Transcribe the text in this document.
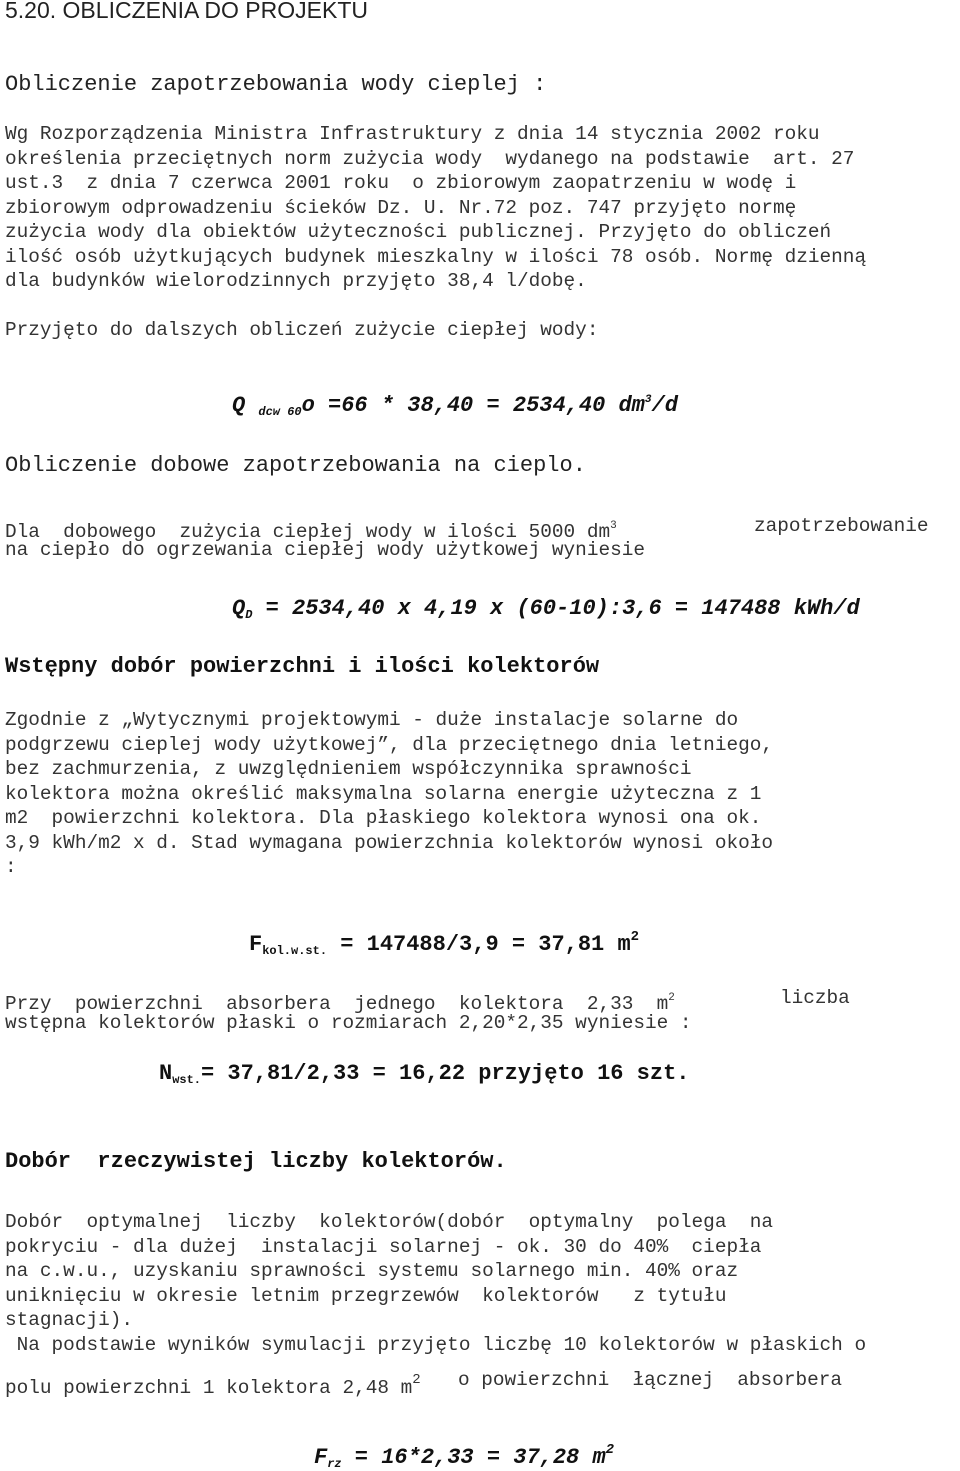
5.20. OBLICZENIA DO PROJEKTU
Obliczenie zapotrzebowania wody cieplej :
Wg Rozporządzenia Ministra Infrastruktury z dnia 14 stycznia 2002 roku
określenia przeciętnych norm zużycia wody  wydanego na podstawie  art. 27
ust.3  z dnia 7 czerwca 2001 roku  o zbiorowym zaopatrzeniu w wodę i
zbiorowym odprowadzeniu ścieków Dz. U. Nr.72 poz. 747 przyjęto normę
zużycia wody dla obiektów użyteczności publicznej. Przyjęto do obliczeń
ilość osób użytkujących budynek mieszkalny w ilości 78 osób. Normę dzienną
dla budynków wielorodzinnych przyjęto 38,4 l/dobę.
Przyjęto do dalszych obliczeń zużycie ciepłej wody:
Q $_{dcw 60}$o =66 * 38,40 = 2534,40 $dm^3/d$
Obliczenie dobowe zapotrzebowania na cieplo.
Dla  dobowego  zużycia ciepłej wody w ilości 5000 $dm^3$	zapotrzebowanie
na ciepło do ogrzewania ciepłej wody użytkowej wyniesie
$Q_D = 2534,40$ x 4,19 x (60-10):3,6 = 147488 kWh/d
Wstępny dobór powierzchni i ilości kolektorów
Zgodnie z „Wytycznymi projektowymi - duże instalacje solarne do
podgrzewu cieplej wody użytkowej”, dla przeciętnego dnia letniego,
bez zachmurzenia, z uwzględnieniem współczynnika sprawności
kolektora można określić maksymalna solarna energie użyteczna z 1
m2  powierzchni kolektora. Dla płaskiego kolektora wynosi ona ok.
3,9 kWh/m2 x d. Stad wymagana powierzchnia kolektorów wynosi około
:
$F_{kol.w.st.} = 147488/3,9 = 37,81$ $m^2$
Przy  powierzchni  absorbera  jednego  kolektora  2,33  $m^2$	liczba
wstępna kolektorów płaski o rozmiarach 2,20*2,35 wyniesie :
$N_{wst.}= 37,81/2,33 = 16,22$ przyjęto 16 szt.
Dobór  rzeczywistej liczby kolektorów.
Dobór  optymalnej  liczby  kolektorów(dobór  optymalny  polega  na
pokryciu - dla dużej  instalacji solarnej - ok. 30 do 40%  ciepła
na c.w.u., uzyskaniu sprawności systemu solarnego min. 40% oraz
uniknięciu w okresie letnim przegrzewów  kolektorów   z tytułu
stagnacji).
Na podstawie wyników symulacji przyjęto liczbę 10 kolektorów w płaskich o
polu powierzchni 1 kolektora 2,48 $m^2$ o powierzchni  łącznej  absorbera
$F_{rz} = 16*2,33 = 37,28$ $m^2$
